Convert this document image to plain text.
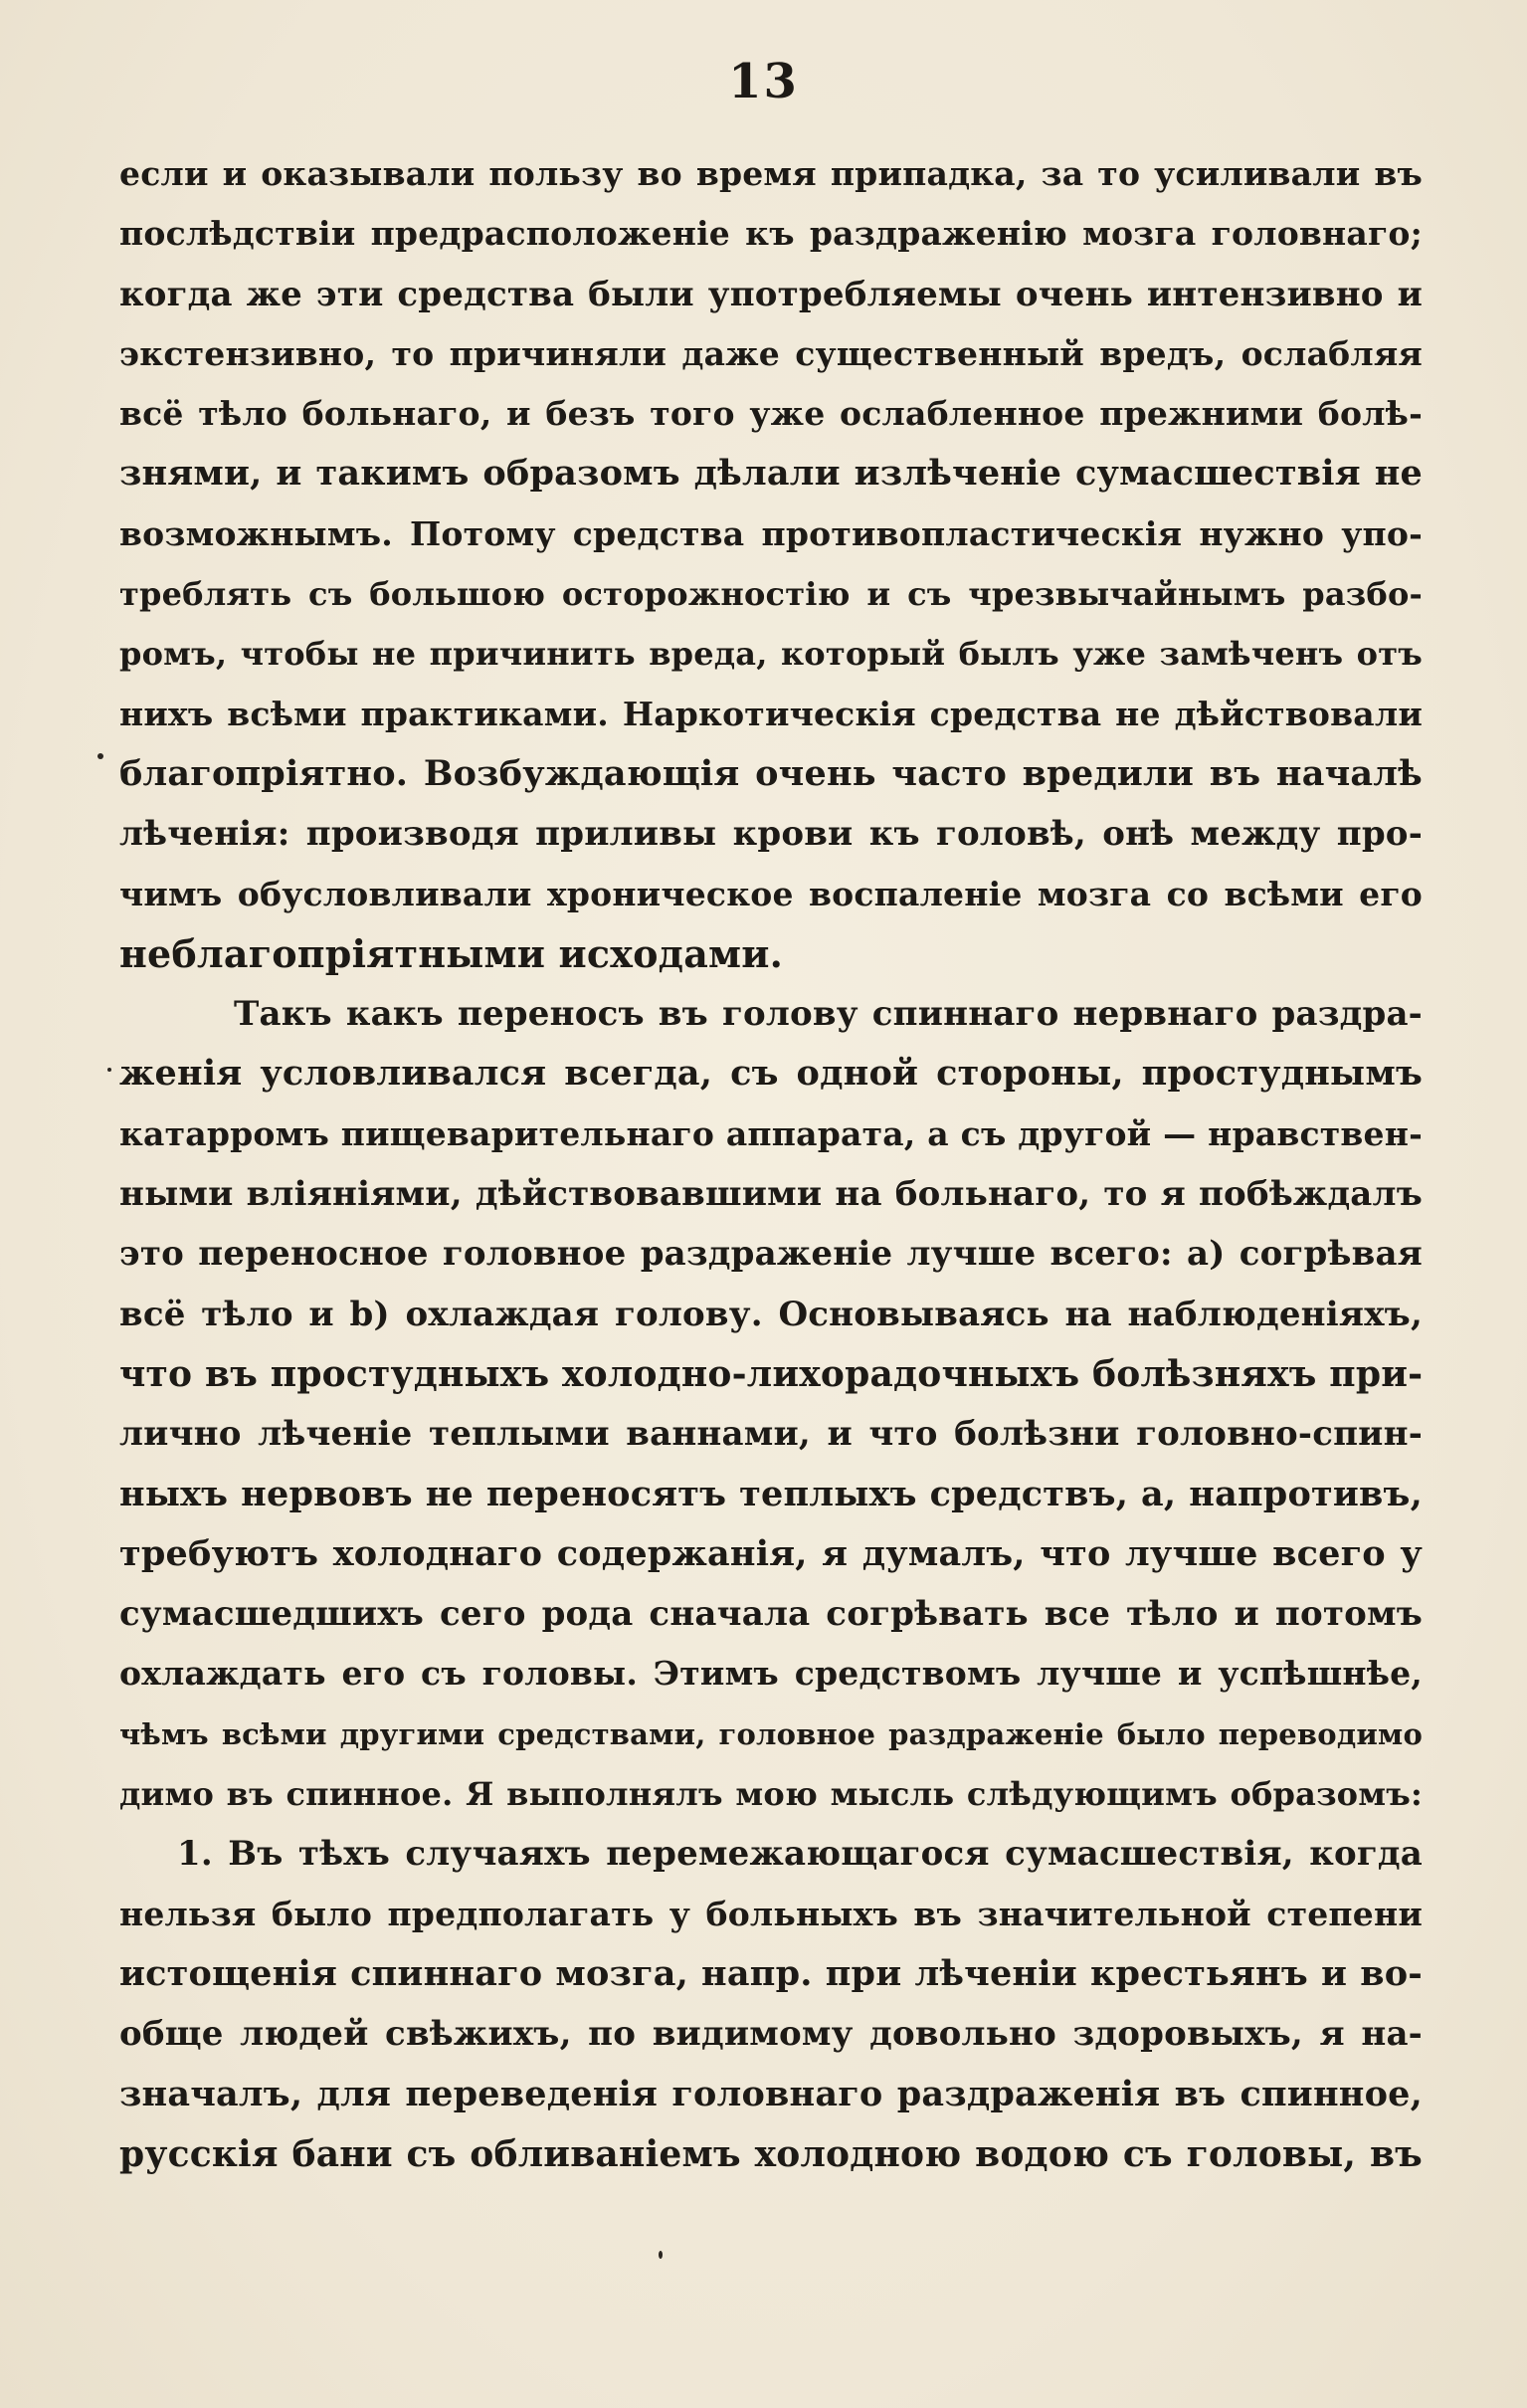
13
если и оказывали пользу во время припадка, за то усиливали въ
послѣдствіи предрасположеніе къ раздраженію мозга головнаго;
когда же эти средства были употребляемы очень интензивно и
экстензивно, то причиняли даже существенный вредъ, ослабляя
всё тѣло больнаго, и безъ того уже ослабленное прежними болѣ-
знями, и такимъ образомъ дѣлали излѣченіе сумасшествія не
возможнымъ. Потому средства противопластическія нужно упо-
треблять съ большою осторожностію и съ чрезвычайнымъ разбо-
ромъ, чтобы не причинить вреда, который былъ уже замѣченъ отъ
нихъ всѣми практиками. Наркотическія средства не дѣйствовали
благопріятно. Возбуждающія очень часто вредили въ началѣ
лѣченія: производя приливы крови къ головѣ, онѣ между про-
чимъ обусловливали хроническое воспаленіе мозга со всѣми его
неблагопріятными исходами.
Такъ какъ переносъ въ голову спиннаго нервнаго раздра-
женія условливался всегда, съ одной стороны, простуднымъ
катарромъ пищеварительнаго аппарата, а съ другой — нравствен-
ными вліяніями, дѣйствовавшими на больнаго, то я побѣждалъ
это переносное головное раздраженіе лучше всего: a) согрѣвая
всё тѣло и b) охлаждая голову. Основываясь на наблюденіяхъ,
что въ простудныхъ холодно-лихорадочныхъ болѣзняхъ при-
лично лѣченіе теплыми ваннами, и что болѣзни головно-спин-
ныхъ нервовъ не переносятъ теплыхъ средствъ, а, напротивъ,
требуютъ холоднаго содержанія, я думалъ, что лучше всего у
сумасшедшихъ сего рода сначала согрѣвать все тѣло и потомъ
охлаждать его съ головы. Этимъ средствомъ лучше и успѣшнѣе,
чѣмъ всѣми другими средствами, головное раздраженіе было переводимо
димо въ спинное. Я выполнялъ мою мысль слѣдующимъ образомъ:
1. Въ тѣхъ случаяхъ перемежающагося сумасшествія, когда
нельзя было предполагать у больныхъ въ значительной степени
истощенія спиннаго мозга, напр. при лѣченіи крестьянъ и во-
обще людей свѣжихъ, по видимому довольно здоровыхъ, я на-
значалъ, для переведенія головнаго раздраженія въ спинное,
русскія бани съ обливаніемъ холодною водою съ головы, въ
